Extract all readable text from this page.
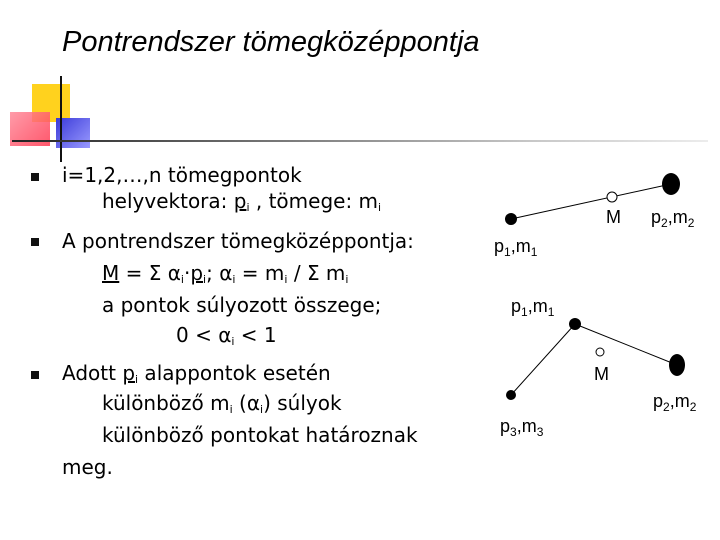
Pontrendszer tömegközéppontja
i=1,2,…,n tömegpontok
helyvektora: $p_i$ , tömege: $m_i$
A pontrendszer tömegközéppontja:
M = Σ $\alpha_i\cdot p_i$; $\alpha_i = m_i / \Sigma$ $m_i$
a pontok súlyozott összege;
$0 < \alpha_i < 1$
Adott $p_i$ alappontok esetén
különböző $m_i$ $(\alpha_i)$ súlyok
különböző pontokat határoznak
meg.
M
$p_1,m_1$
$p_2,m_2$
M
$p_1,m_1$
$p_2,m_2$
$p_3,m_3$
